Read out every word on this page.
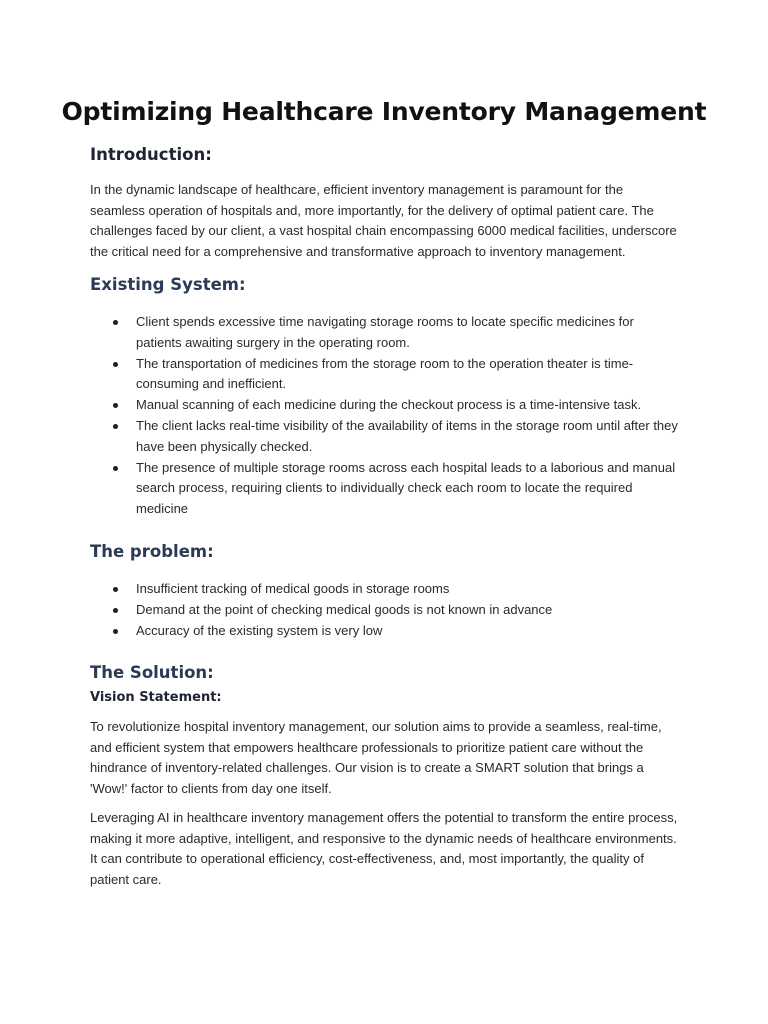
Optimizing Healthcare Inventory Management
Introduction:

In the dynamic landscape of healthcare, efficient inventory management is paramount for the seamless operation of hospitals and, more importantly, for the delivery of optimal patient care. The challenges faced by our client, a vast hospital chain encompassing 6000 medical facilities, underscore the critical need for a comprehensive and transformative approach to inventory management.

Existing System:
Client spends excessive time navigating storage rooms to locate specific medicines for patients awaiting surgery in the operating room.
The transportation of medicines from the storage room to the operation theater is time-consuming and inefficient.
Manual scanning of each medicine during the checkout process is a time-intensive task.
The client lacks real-time visibility of the availability of items in the storage room until after they have been physically checked.
The presence of multiple storage rooms across each hospital leads to a laborious and manual search process, requiring clients to individually check each room to locate the required medicine
The problem:
Insufficient tracking of medical goods in storage rooms
Demand at the point of checking medical goods is not known in advance
Accuracy of the existing system is very low
The Solution:
Vision Statement:

To revolutionize hospital inventory management, our solution aims to provide a seamless, real-time, and efficient system that empowers healthcare professionals to prioritize patient care without the hindrance of inventory-related challenges. Our vision is to create a SMART solution that brings a 'Wow!' factor to clients from day one itself.

Leveraging AI in healthcare inventory management offers the potential to transform the entire process, making it more adaptive, intelligent, and responsive to the dynamic needs of healthcare environments. It can contribute to operational efficiency, cost-effectiveness, and, most importantly, the quality of patient care.
